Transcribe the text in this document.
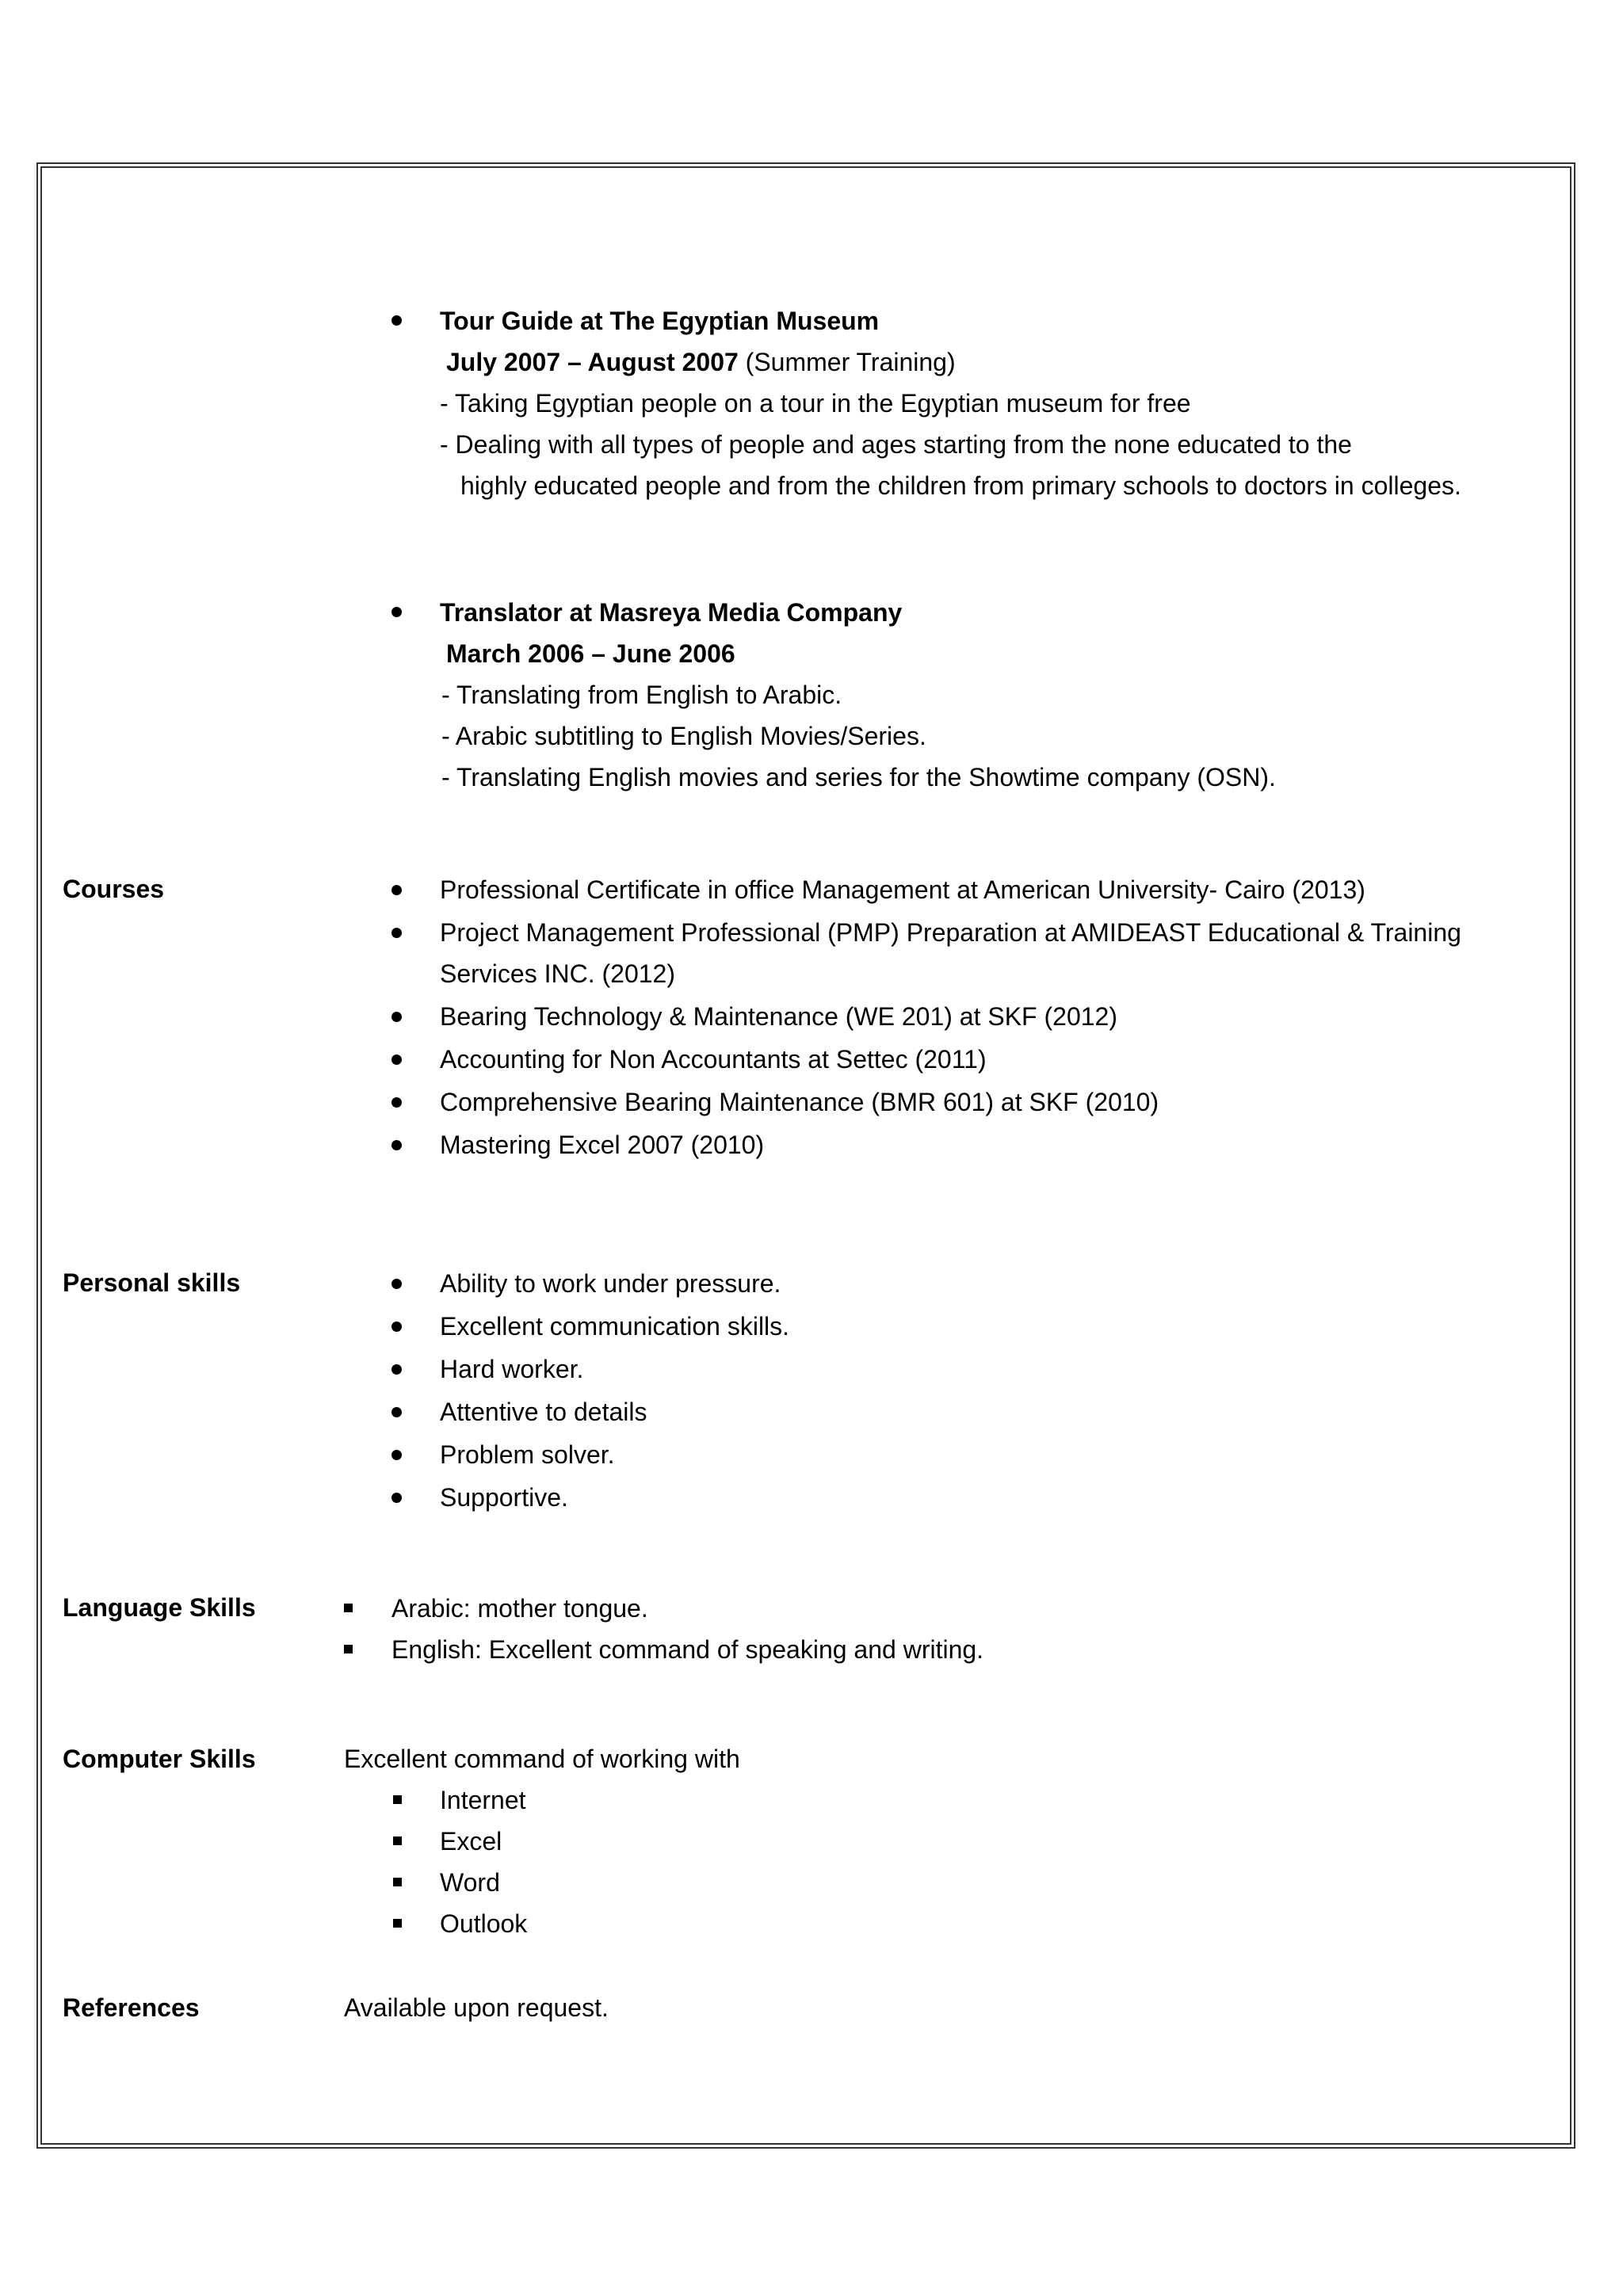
Tour Guide at The Egyptian Museum
July 2007 – August 2007 (Summer Training)
- Taking Egyptian people on a tour in the Egyptian museum for free
- Dealing with all types of people and ages starting from the none educated to the
highly educated people and from the children from primary schools to doctors in colleges.
Translator at Masreya Media Company
March 2006 – June 2006
- Translating from English to Arabic.
- Arabic subtitling to English Movies/Series.
- Translating English movies and series for the Showtime company (OSN).
Courses	Professional Certificate in office Management at American University- Cairo (2013)
Project Management Professional (PMP) Preparation at AMIDEAST Educational & Training
Services INC. (2012)
Bearing Technology & Maintenance (WE 201) at SKF (2012)
Accounting for Non Accountants at Settec (2011)
Comprehensive Bearing Maintenance (BMR 601) at SKF (2010)
Mastering Excel 2007 (2010)
Personal skills	Ability to work under pressure.
Excellent communication skills.
Hard worker.
Attentive to details
Problem solver.
Supportive.
Language Skills	Arabic: mother tongue.
English: Excellent command of speaking and writing.
Computer Skills	Excellent command of working with
Internet
Excel
Word
Outlook
References	Available upon request.
